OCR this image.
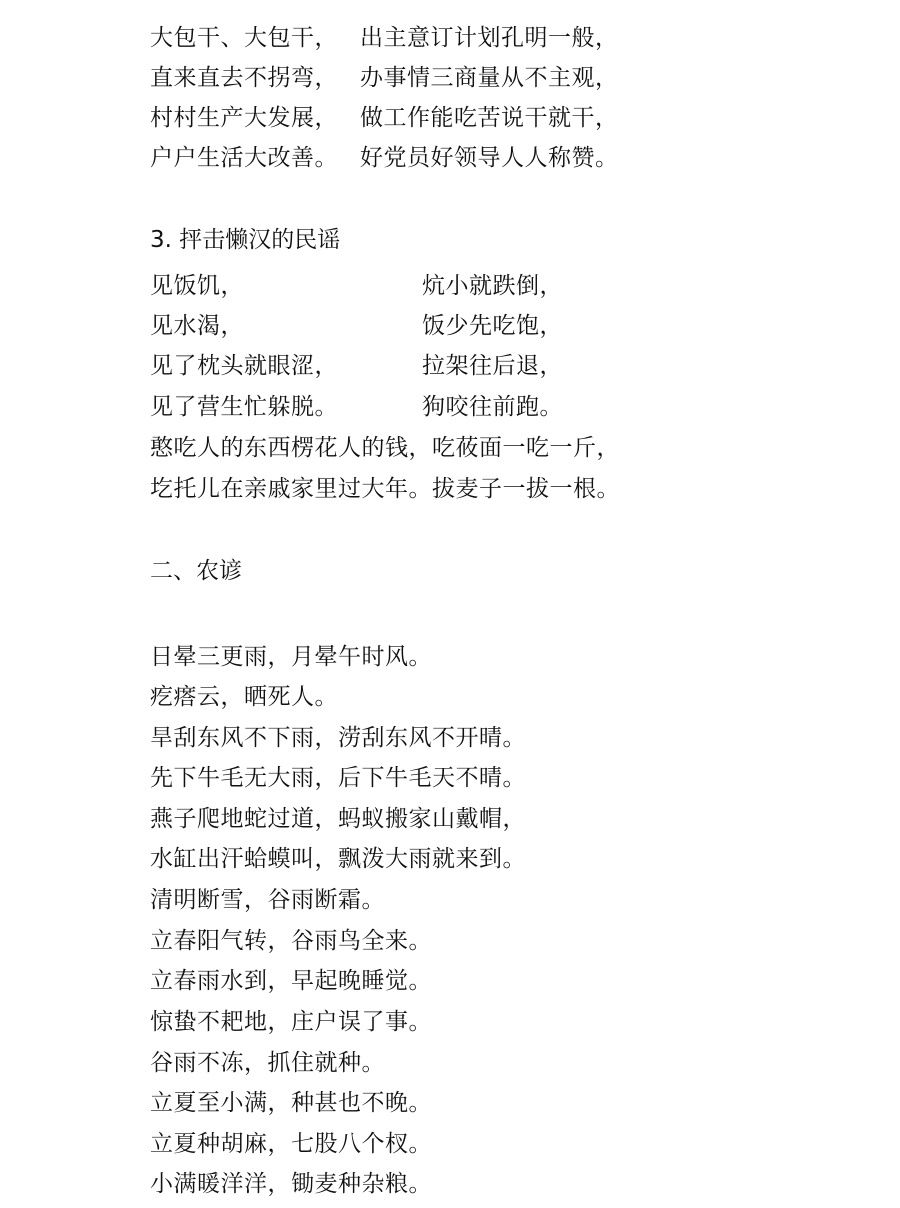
大包干、大包干， 出主意订计划孔明一般，
直来直去不拐弯， 办事情三商量从不主观，
村村生产大发展， 做工作能吃苦说干就干，
户户生活大改善。 好党员好领导人人称赞。
3. 抨击懒汉的民谣
见饭饥，	炕小就跌倒，
见水渴，	饭少先吃饱，
见了枕头就眼涩，	拉架往后退，
见了营生忙躲脱。	狗咬往前跑。
憨吃人的东西楞花人的钱，吃莜面一吃一斤，
圪托儿在亲戚家里过大年。拔麦子一拔一根。
二、农谚
日晕三更雨，月晕午时风。
疙瘩云，晒死人。
旱刮东风不下雨，涝刮东风不开晴。
先下牛毛无大雨，后下牛毛天不晴。
燕子爬地蛇过道，蚂蚁搬家山戴帽，
水缸出汗蛤蟆叫，飘泼大雨就来到。
清明断雪，谷雨断霜。
立春阳气转，谷雨鸟全来。
立春雨水到，早起晚睡觉。
惊蛰不耙地，庄户误了事。
谷雨不冻，抓住就种。
立夏至小满，种甚也不晚。
立夏种胡麻，七股八个杈。
小满暖洋洋，锄麦种杂粮。
